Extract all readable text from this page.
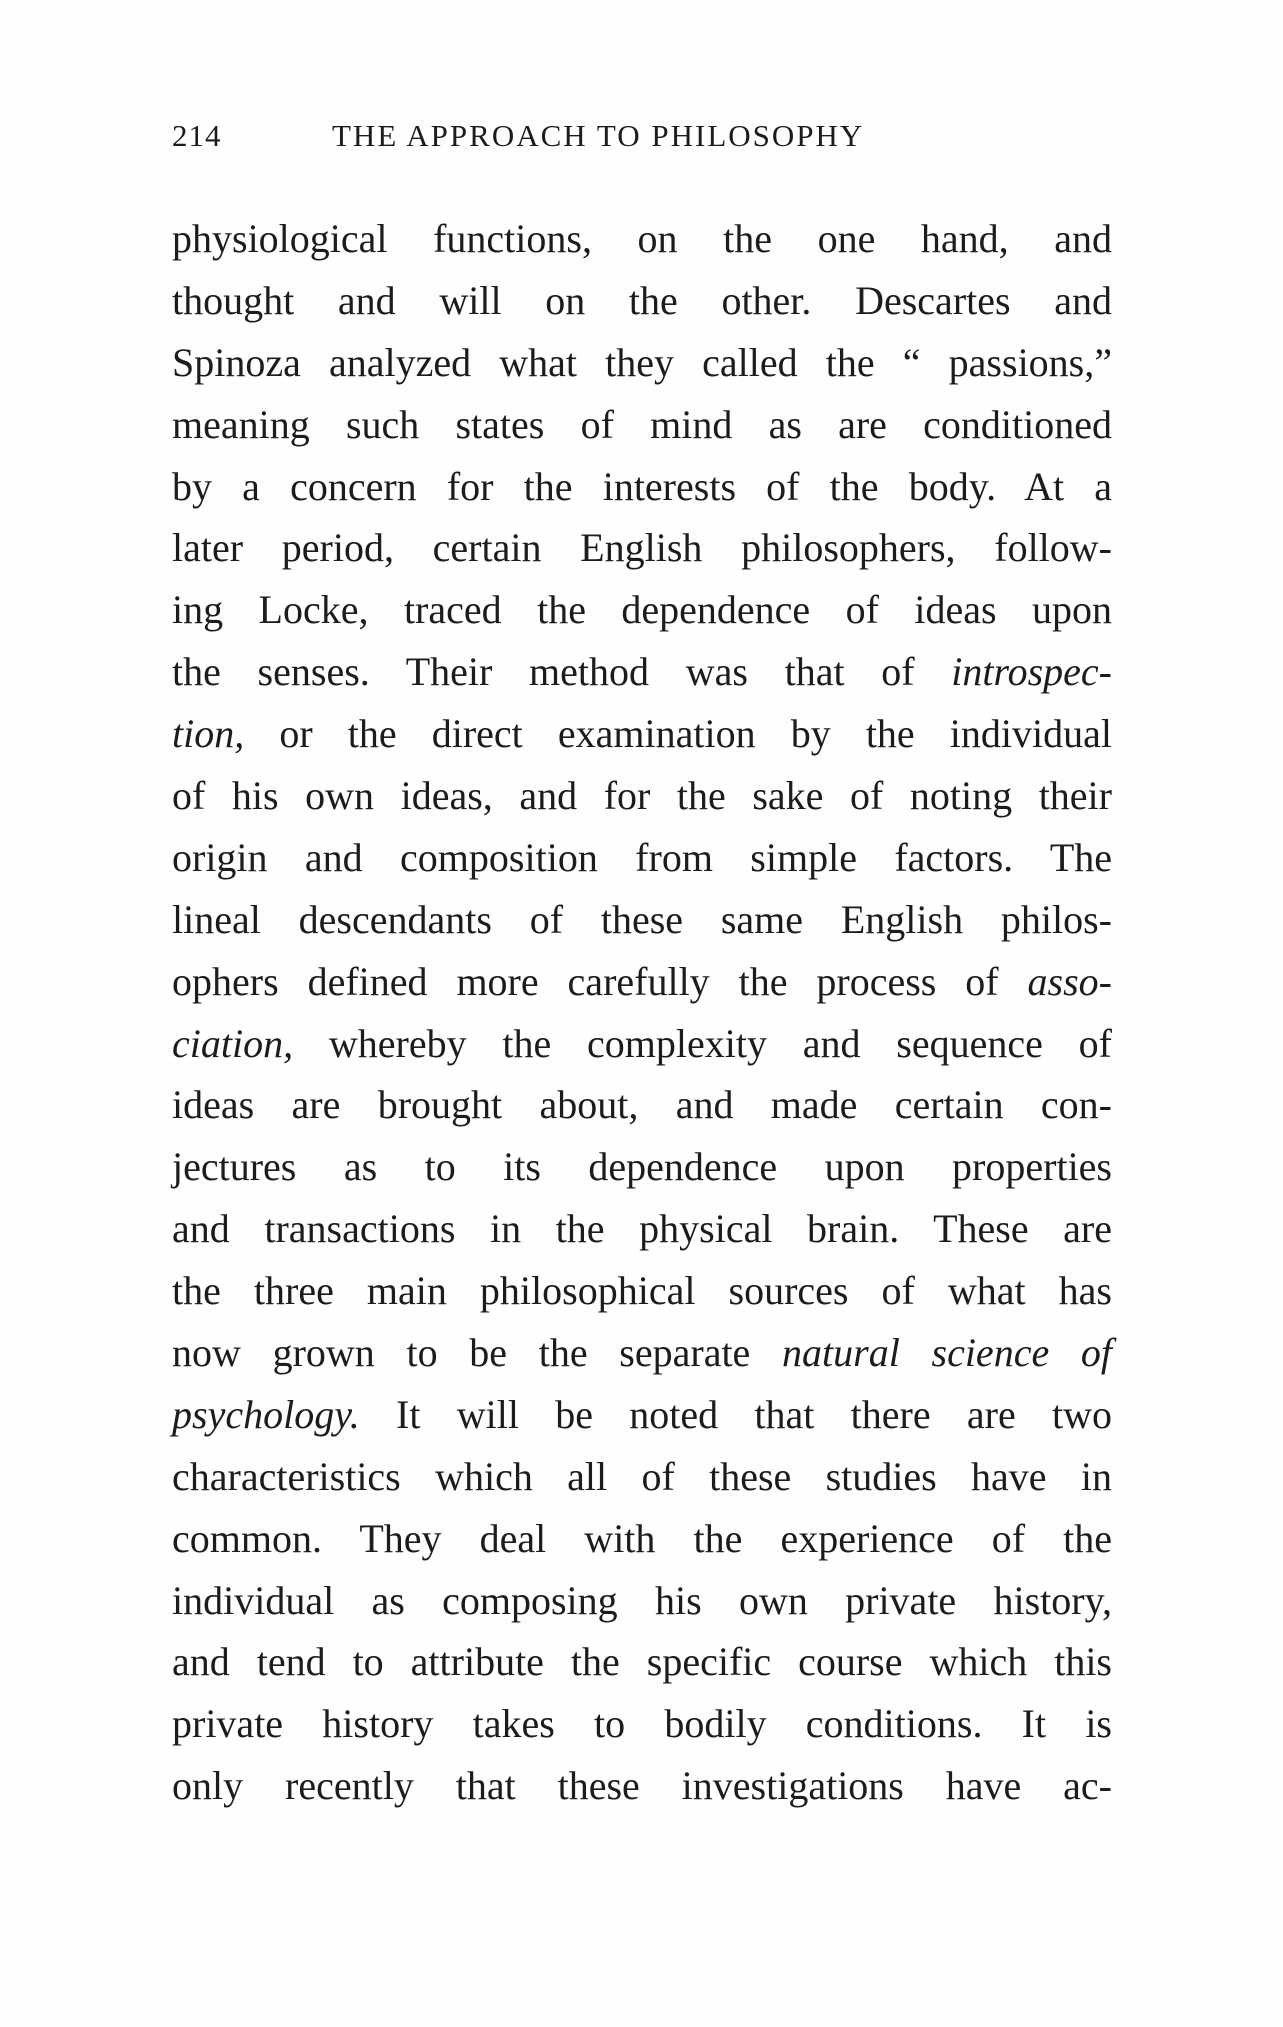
214	THE APPROACH TO PHILOSOPHY
physiological functions, on the one hand, and
thought and will on the other. Descartes and
Spinoza analyzed what they called the “ passions,”
meaning such states of mind as are conditioned
by a concern for the interests of the body. At a
later period, certain English philosophers, follow-
ing Locke, traced the dependence of ideas upon
the senses. Their method was that of introspec-
tion, or the direct examination by the individual
of his own ideas, and for the sake of noting their
origin and composition from simple factors. The
lineal descendants of these same English philos-
ophers defined more carefully the process of asso-
ciation, whereby the complexity and sequence of
ideas are brought about, and made certain con-
jectures as to its dependence upon properties
and transactions in the physical brain. These are
the three main philosophical sources of what has
now grown to be the separate natural science of
psychology. It will be noted that there are two
characteristics which all of these studies have in
common. They deal with the experience of the
individual as composing his own private history,
and tend to attribute the specific course which this
private history takes to bodily conditions. It is
only recently that these investigations have ac-
